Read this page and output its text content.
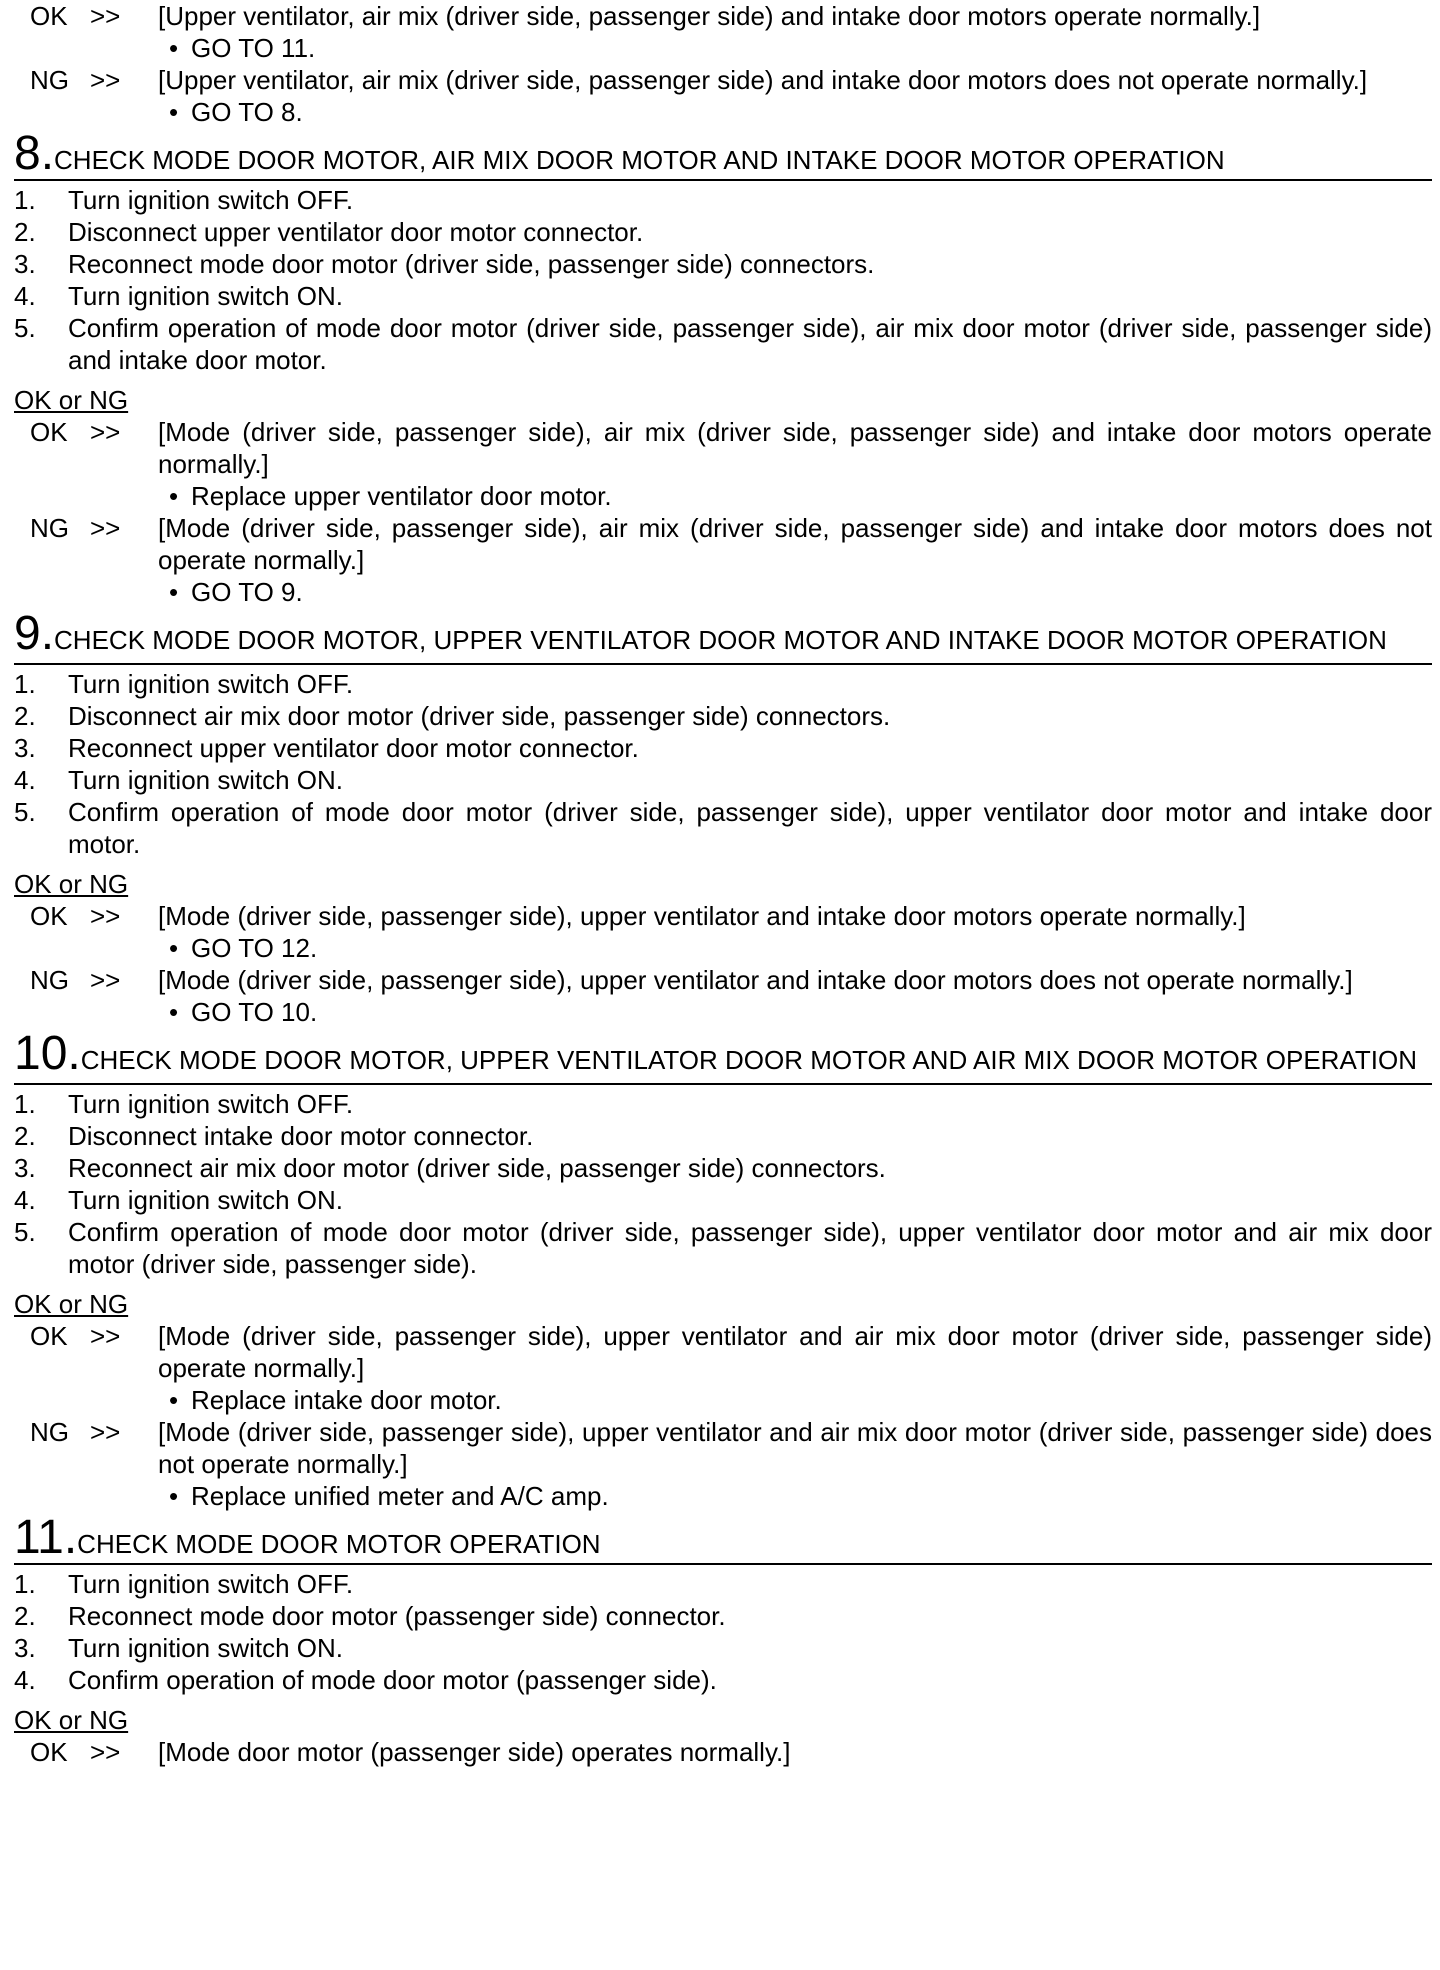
OK >>	[Upper ventilator, air mix (driver side, passenger side) and intake door motors operate normally.]
• GO TO 11.
NG >>	[Upper ventilator, air mix (driver side, passenger side) and intake door motors does not operate normally.]
• GO TO 8.
8.CHECK MODE DOOR MOTOR, AIR MIX DOOR MOTOR AND INTAKE DOOR MOTOR OPERATION
1.	Turn ignition switch OFF.
2.	Disconnect upper ventilator door motor connector.
3.	Reconnect mode door motor (driver side, passenger side) connectors.
4.	Turn ignition switch ON.
5.	Confirm operation of mode door motor (driver side, passenger side), air mix door motor (driver side, passenger side) and intake door motor.
OK or NG
OK >>	[Mode (driver side, passenger side), air mix (driver side, passenger side) and intake door motors operate normally.]
• Replace upper ventilator door motor.
NG >>	[Mode (driver side, passenger side), air mix (driver side, passenger side) and intake door motors does not operate normally.]
• GO TO 9.
9.CHECK MODE DOOR MOTOR, UPPER VENTILATOR DOOR MOTOR AND INTAKE DOOR MOTOR OPERATION
1.	Turn ignition switch OFF.
2.	Disconnect air mix door motor (driver side, passenger side) connectors.
3.	Reconnect upper ventilator door motor connector.
4.	Turn ignition switch ON.
5.	Confirm operation of mode door motor (driver side, passenger side), upper ventilator door motor and intake door motor.
OK or NG
OK >>	[Mode (driver side, passenger side), upper ventilator and intake door motors operate normally.]
• GO TO 12.
NG >>	[Mode (driver side, passenger side), upper ventilator and intake door motors does not operate normally.]
• GO TO 10.
10.CHECK MODE DOOR MOTOR, UPPER VENTILATOR DOOR MOTOR AND AIR MIX DOOR MOTOR OPERATION
1.	Turn ignition switch OFF.
2.	Disconnect intake door motor connector.
3.	Reconnect air mix door motor (driver side, passenger side) connectors.
4.	Turn ignition switch ON.
5.	Confirm operation of mode door motor (driver side, passenger side), upper ventilator door motor and air mix door motor (driver side, passenger side).
OK or NG
OK >>	[Mode (driver side, passenger side), upper ventilator and air mix door motor (driver side, passenger side) operate normally.]
• Replace intake door motor.
NG >>	[Mode (driver side, passenger side), upper ventilator and air mix door motor (driver side, passenger side) does not operate normally.]
• Replace unified meter and A/C amp.
11.CHECK MODE DOOR MOTOR OPERATION
1.	Turn ignition switch OFF.
2.	Reconnect mode door motor (passenger side) connector.
3.	Turn ignition switch ON.
4.	Confirm operation of mode door motor (passenger side).
OK or NG
OK >>	[Mode door motor (passenger side) operates normally.]
